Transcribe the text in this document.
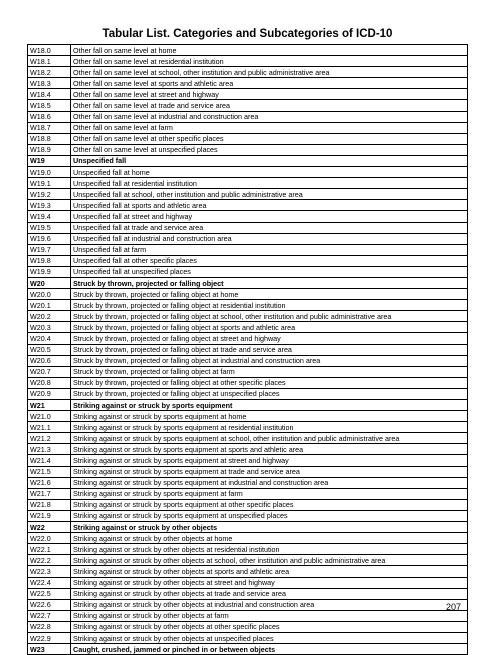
Tabular List. Categories and Subcategories of ICD-10
W18.0	Other fall on same level at home
W18.1	Other fall on same level at residential institution
W18.2	Other fall on same level at school, other institution and public administrative area
W18.3	Other fall on same level at sports and athletic area
W18.4	Other fall on same level at street and highway
W18.5	Other fall on same level at trade and service area
W18.6	Other fall on same level at industrial and construction area
W18.7	Other fall on same level at farm
W18.8	Other fall on same level at other specific places
W18.9	Other fall on same level at unspecified places
W19	Unspecified fall
W19.0	Unspecified fall at home
W19.1	Unspecified fall at residential institution
W19.2	Unspecified fall at school, other institution and public administrative area
W19.3	Unspecified fall at sports and athletic area
W19.4	Unspecified fall at street and highway
W19.5	Unspecified fall at trade and service area
W19.6	Unspecified fall at industrial and construction area
W19.7	Unspecified fall at farm
W19.8	Unspecified fall at other specific places
W19.9	Unspecified fall at unspecified places
W20	Struck by thrown, projected or falling object
W20.0	Struck by thrown, projected or falling object at home
W20.1	Struck by thrown, projected or falling object at residential institution
W20.2	Struck by thrown, projected or falling object at school, other institution and public administrative area
W20.3	Struck by thrown, projected or falling object at sports and athletic area
W20.4	Struck by thrown, projected or falling object at street and highway
W20.5	Struck by thrown, projected or falling object at trade and service area
W20.6	Struck by thrown, projected or falling object at industrial and construction area
W20.7	Struck by thrown, projected or falling object at farm
W20.8	Struck by thrown, projected or falling object at other specific places
W20.9	Struck by thrown, projected or falling object at unspecified places
W21	Striking against or struck by sports equipment
W21.0	Striking against or struck by sports equipment at home
W21.1	Striking against or struck by sports equipment at residential institution
W21.2	Striking against or struck by sports equipment at school, other institution and public administrative area
W21.3	Striking against or struck by sports equipment at sports and athletic area
W21.4	Striking against or struck by sports equipment at street and highway
W21.5	Striking against or struck by sports equipment at trade and service area
W21.6	Striking against or struck by sports equipment at industrial and construction area
W21.7	Striking against or struck by sports equipment at farm
W21.8	Striking against or struck by sports equipment at other specific places
W21.9	Striking against or struck by sports equipment at unspecified places
W22	Striking against or struck by other objects
W22.0	Striking against or struck by other objects at home
W22.1	Striking against or struck by other objects at residential institution
W22.2	Striking against or struck by other objects at school, other institution and public administrative area
W22.3	Striking against or struck by other objects at sports and athletic area
W22.4	Striking against or struck by other objects at street and highway
W22.5	Striking against or struck by other objects at trade and service area
W22.6	Striking against or struck by other objects at industrial and construction area
W22.7	Striking against or struck by other objects at farm
W22.8	Striking against or struck by other objects at other specific places
W22.9	Striking against or struck by other objects at unspecified places
W23	Caught, crushed, jammed or pinched in or between objects
207
